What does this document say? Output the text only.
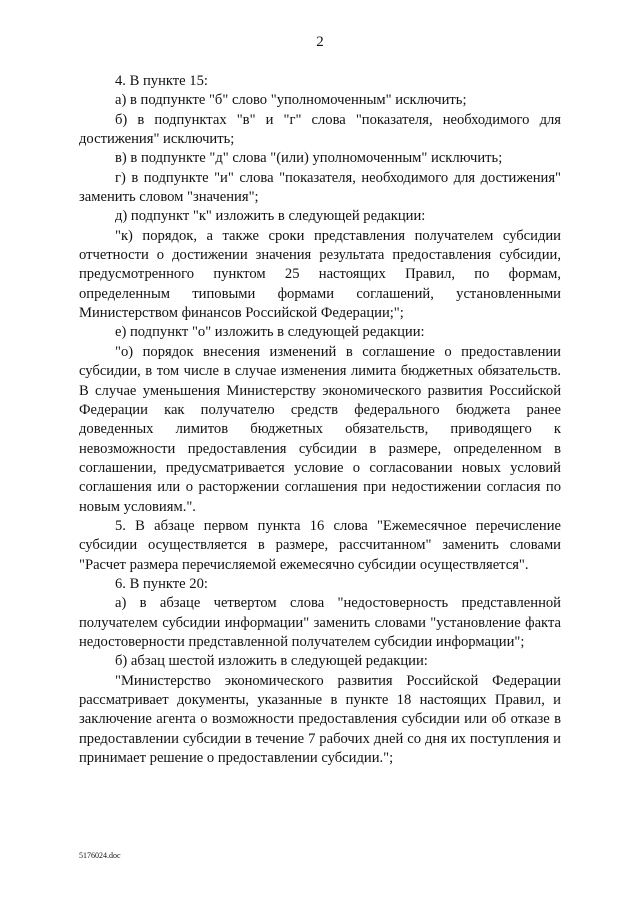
2

4. В пункте 15:

а) в подпункте "б" слово "уполномоченным" исключить;

б) в подпунктах "в" и "г" слова "показателя, необходимого для достижения" исключить;

в) в подпункте "д" слова "(или) уполномоченным" исключить;

г) в подпункте "и" слова "показателя, необходимого для достижения" заменить словом "значения";

д) подпункт "к" изложить в следующей редакции:

"к) порядок, а также сроки представления получателем субсидии отчетности о достижении значения результата предоставления субсидии, предусмотренного пунктом 25 настоящих Правил, по формам, определенным типовыми формами соглашений, установленными Министерством финансов Российской Федерации;";

е) подпункт "о" изложить в следующей редакции:

"о) порядок внесения изменений в соглашение о предоставлении субсидии, в том числе в случае изменения лимита бюджетных обязательств. В случае уменьшения Министерству экономического развития Российской Федерации как получателю средств федерального бюджета ранее доведенных лимитов бюджетных обязательств, приводящего к невозможности предоставления субсидии в размере, определенном в соглашении, предусматривается условие о согласовании новых условий соглашения или о расторжении соглашения при недостижении согласия по новым условиям.".

5. В абзаце первом пункта 16 слова "Ежемесячное перечисление субсидии осуществляется в размере, рассчитанном" заменить словами "Расчет размера перечисляемой ежемесячно субсидии осуществляется".

6. В пункте 20:

а) в абзаце четвертом слова "недостоверность представленной получателем субсидии информации" заменить словами "установление факта недостоверности представленной получателем субсидии информации";

б) абзац шестой изложить в следующей редакции:

"Министерство экономического развития Российской Федерации рассматривает документы, указанные в пункте 18 настоящих Правил, и заключение агента о возможности предоставления субсидии или об отказе в предоставлении субсидии в течение 7 рабочих дней со дня их поступления и принимает решение о предоставлении субсидии.";

5176024.doc
